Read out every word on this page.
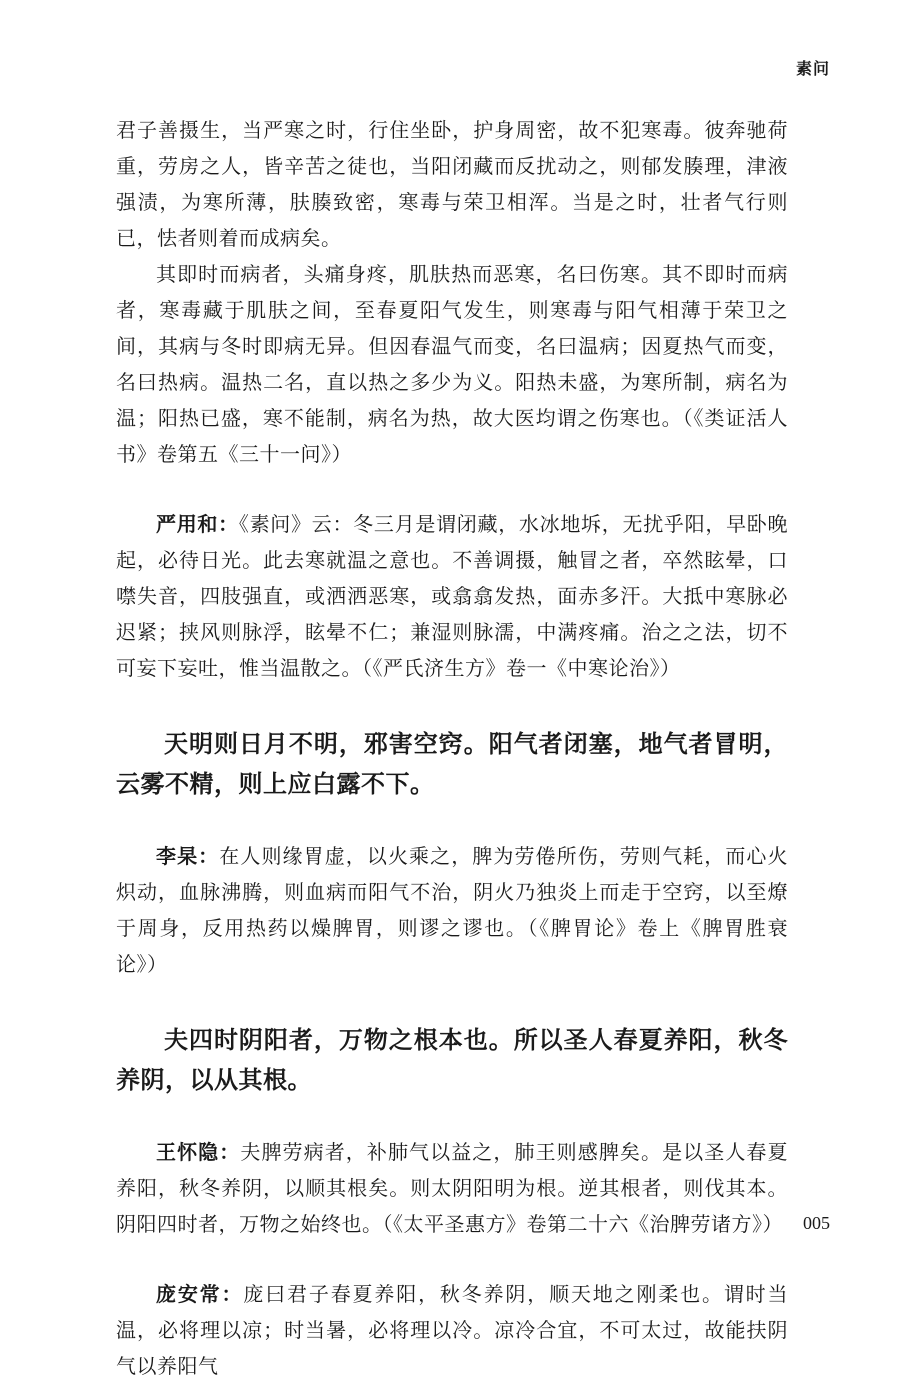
素问

君子善摄生，当严寒之时，行住坐卧，护身周密，故不犯寒毒。彼奔驰荷重，劳房之人，皆辛苦之徒也，当阳闭藏而反扰动之，则郁发腠理，津液强渍，为寒所薄，肤腠致密，寒毒与荣卫相浑。当是之时，壮者气行则已，怯者则着而成病矣。

其即时而病者，头痛身疼，肌肤热而恶寒，名曰伤寒。其不即时而病者，寒毒藏于肌肤之间，至春夏阳气发生，则寒毒与阳气相薄于荣卫之间，其病与冬时即病无异。但因春温气而变，名曰温病；因夏热气而变，名曰热病。温热二名，直以热之多少为义。阳热未盛，为寒所制，病名为温；阳热已盛，寒不能制，病名为热，故大医均谓之伤寒也。（《类证活人书》卷第五《三十一问》）

严用和：《素问》云：冬三月是谓闭藏，水冰地坼，无扰乎阳，早卧晚起，必待日光。此去寒就温之意也。不善调摄，触冒之者，卒然眩晕，口噤失音，四肢强直，或洒洒恶寒，或翕翕发热，面赤多汗。大抵中寒脉必迟紧；挟风则脉浮，眩晕不仁；兼湿则脉濡，中满疼痛。治之之法，切不可妄下妄吐，惟当温散之。（《严氏济生方》卷一《中寒论治》）

天明则日月不明，邪害空窍。阳气者闭塞，地气者冒明，云雾不精，则上应白露不下。

李杲：在人则缘胃虚，以火乘之，脾为劳倦所伤，劳则气耗，而心火炽动，血脉沸腾，则血病而阳气不治，阴火乃独炎上而走于空窍，以至燎于周身，反用热药以燥脾胃，则谬之谬也。（《脾胃论》卷上《脾胃胜衰论》）

夫四时阴阳者，万物之根本也。所以圣人春夏养阳，秋冬养阴，以从其根。

王怀隐：夫脾劳病者，补肺气以益之，肺王则感脾矣。是以圣人春夏养阳，秋冬养阴，以顺其根矣。则太阴阳明为根。逆其根者，则伐其本。阴阳四时者，万物之始终也。（《太平圣惠方》卷第二十六《治脾劳诸方》）

庞安常：庞曰君子春夏养阳，秋冬养阴，顺天地之刚柔也。谓时当温，必将理以凉；时当暑，必将理以冷。凉冷合宜，不可太过，故能扶阴气以养阳气

005
